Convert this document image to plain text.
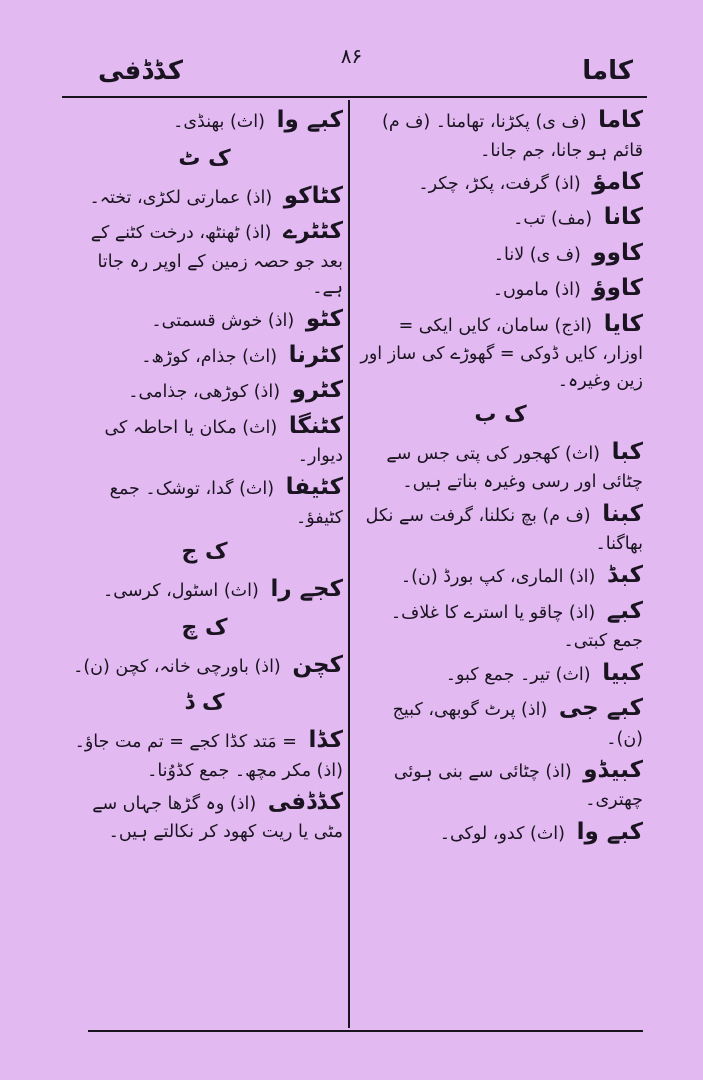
کاما
۸۶
کڈڈفی
کاما (ف ی) پکڑنا، تھامنا۔ (ف م) قائم ہو جانا، جم جانا۔
کامؤ (اذ) گرفت، پکڑ، چکر۔
کانا (مف) تب۔
کاوو (ف ی) لانا۔
کاوؤ (اذ) ماموں۔
کایا (اذج) سامان، کایں ایکی = اوزار، کایں ڈوکی = گھوڑے کی ساز اور زین وغیرہ۔
ک ب
کبا (اث) کھجور کی پتی جس سے چٹائی اور رسی وغیرہ بناتے ہیں۔
کبنا (ف م) بچ نکلنا، گرفت سے نکل بھاگنا۔
کبڈ (اذ) الماری، کپ بورڈ (ن)۔
کبے (اذ) چاقو یا استرے کا غلاف۔ جمع کبتی۔
کبیا (اث) تیر۔ جمع کبو۔
کبے جی (اذ) پرٹ گوبھی، کبیج (ن)۔
کبیڈو (اذ) چٹائی سے بنی ہوئی چھتری۔
کبے وا (اث) کدو، لوکی۔
کبے وا (اث) بھنڈی۔
ک ٹ
کٹاکو (اذ) عمارتی لکڑی، تختہ۔
کٹٹرے (اذ) ٹھنٹھ، درخت کٹنے کے بعد جو حصہ زمین کے اوپر رہ جاتا ہے۔
کٹو (اذ) خوش قسمتی۔
کٹرنا (اث) جذام، کوڑھ۔
کٹرو (اذ) کوڑھی، جذامی۔
کٹنگا (اث) مکان یا احاطہ کی دیوار۔
کٹیفا (اث) گدا، توشک۔ جمع کٹیفؤ۔
ک ج
کجے را (اث) اسٹول، کرسی۔
ک چ
کچن (اذ) باورچی خانہ، کچن (ن)۔
ک ڈ
کڈا = مَتد کڈا کجے = تم مت جاؤ۔ (اذ) مکر مچھ۔ جمع کڈوُنا۔
کڈڈفی (اذ) وہ گڑھا جہاں سے مٹی یا ریت کھود کر نکالتے ہیں۔
